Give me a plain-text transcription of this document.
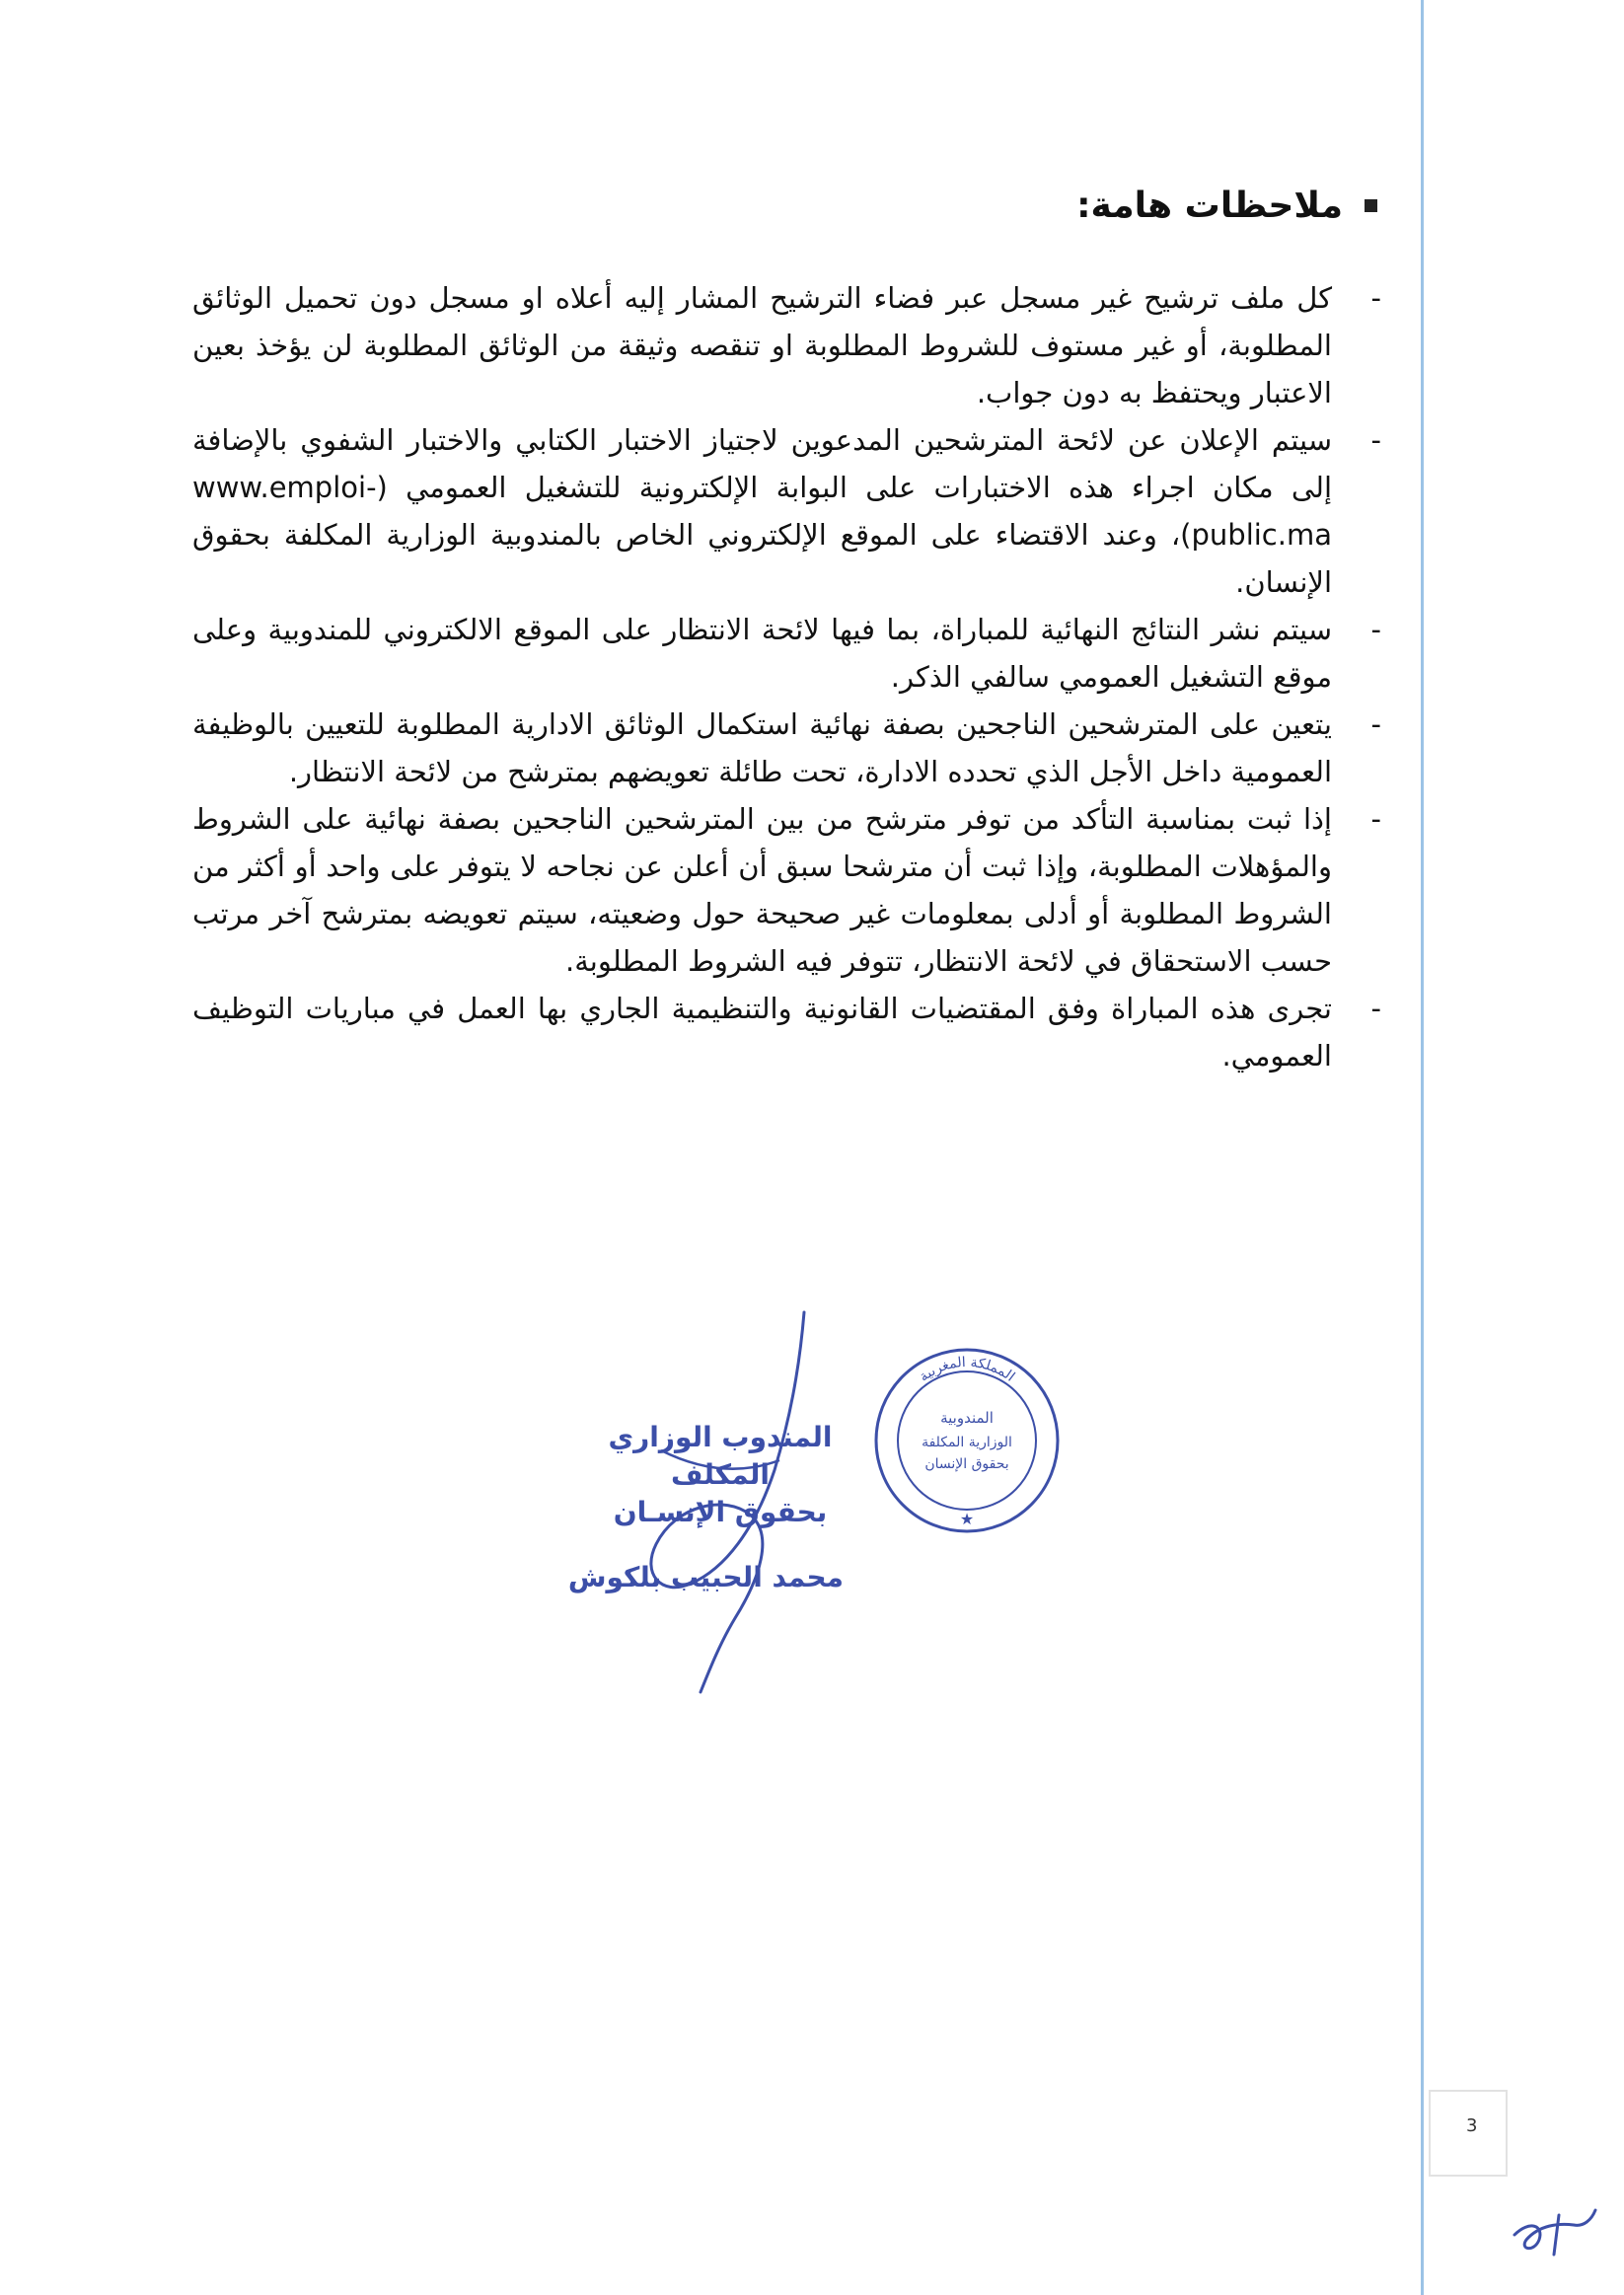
ملاحظات هامة:
-
كل ملف ترشيح غير مسجل عبر فضاء الترشيح المشار إليه أعلاه او مسجل دون تحميل الوثائق المطلوبة، أو غير مستوف للشروط المطلوبة او تنقصه وثيقة من الوثائق المطلوبة لن يؤخذ بعين الاعتبار ويحتفظ به دون جواب.
-
سيتم الإعلان عن لائحة المترشحين المدعوين لاجتياز الاختبار الكتابي والاختبار الشفوي بالإضافة إلى مكان اجراء هذه الاختبارات على البوابة الإلكترونية للتشغيل العمومي (www.emploi-public.ma)، وعند الاقتضاء على الموقع الإلكتروني الخاص بالمندوبية الوزارية المكلفة بحقوق الإنسان.
-
سيتم نشر النتائج النهائية للمباراة، بما فيها لائحة الانتظار على الموقع الالكتروني للمندوبية وعلى موقع التشغيل العمومي سالفي الذكر.
-
يتعين على المترشحين الناجحين بصفة نهائية استكمال الوثائق الادارية المطلوبة للتعيين بالوظيفة العمومية داخل الأجل الذي تحدده الادارة، تحت طائلة تعويضهم بمترشح من لائحة الانتظار.
-
إذا ثبت بمناسبة التأكد من توفر مترشح من بين المترشحين الناجحين بصفة نهائية على الشروط والمؤهلات المطلوبة، وإذا ثبت أن مترشحا سبق أن أعلن عن نجاحه لا يتوفر على واحد أو أكثر من الشروط المطلوبة أو أدلى بمعلومات غير صحيحة حول وضعيته، سيتم تعويضه بمترشح آخر مرتب حسب الاستحقاق في لائحة الانتظار، تتوفر فيه الشروط المطلوبة.
-
تجرى هذه المباراة وفق المقتضيات القانونية والتنظيمية الجاري بها العمل في مباريات التوظيف العمومي.
المندوب الوزاري المكلف
بحقوق الإنسـان
محمد الحبيب بلكوش
المملكة المغربية
المندوبية
الوزارية المكلفة
بحقوق الإنسان
★
3
